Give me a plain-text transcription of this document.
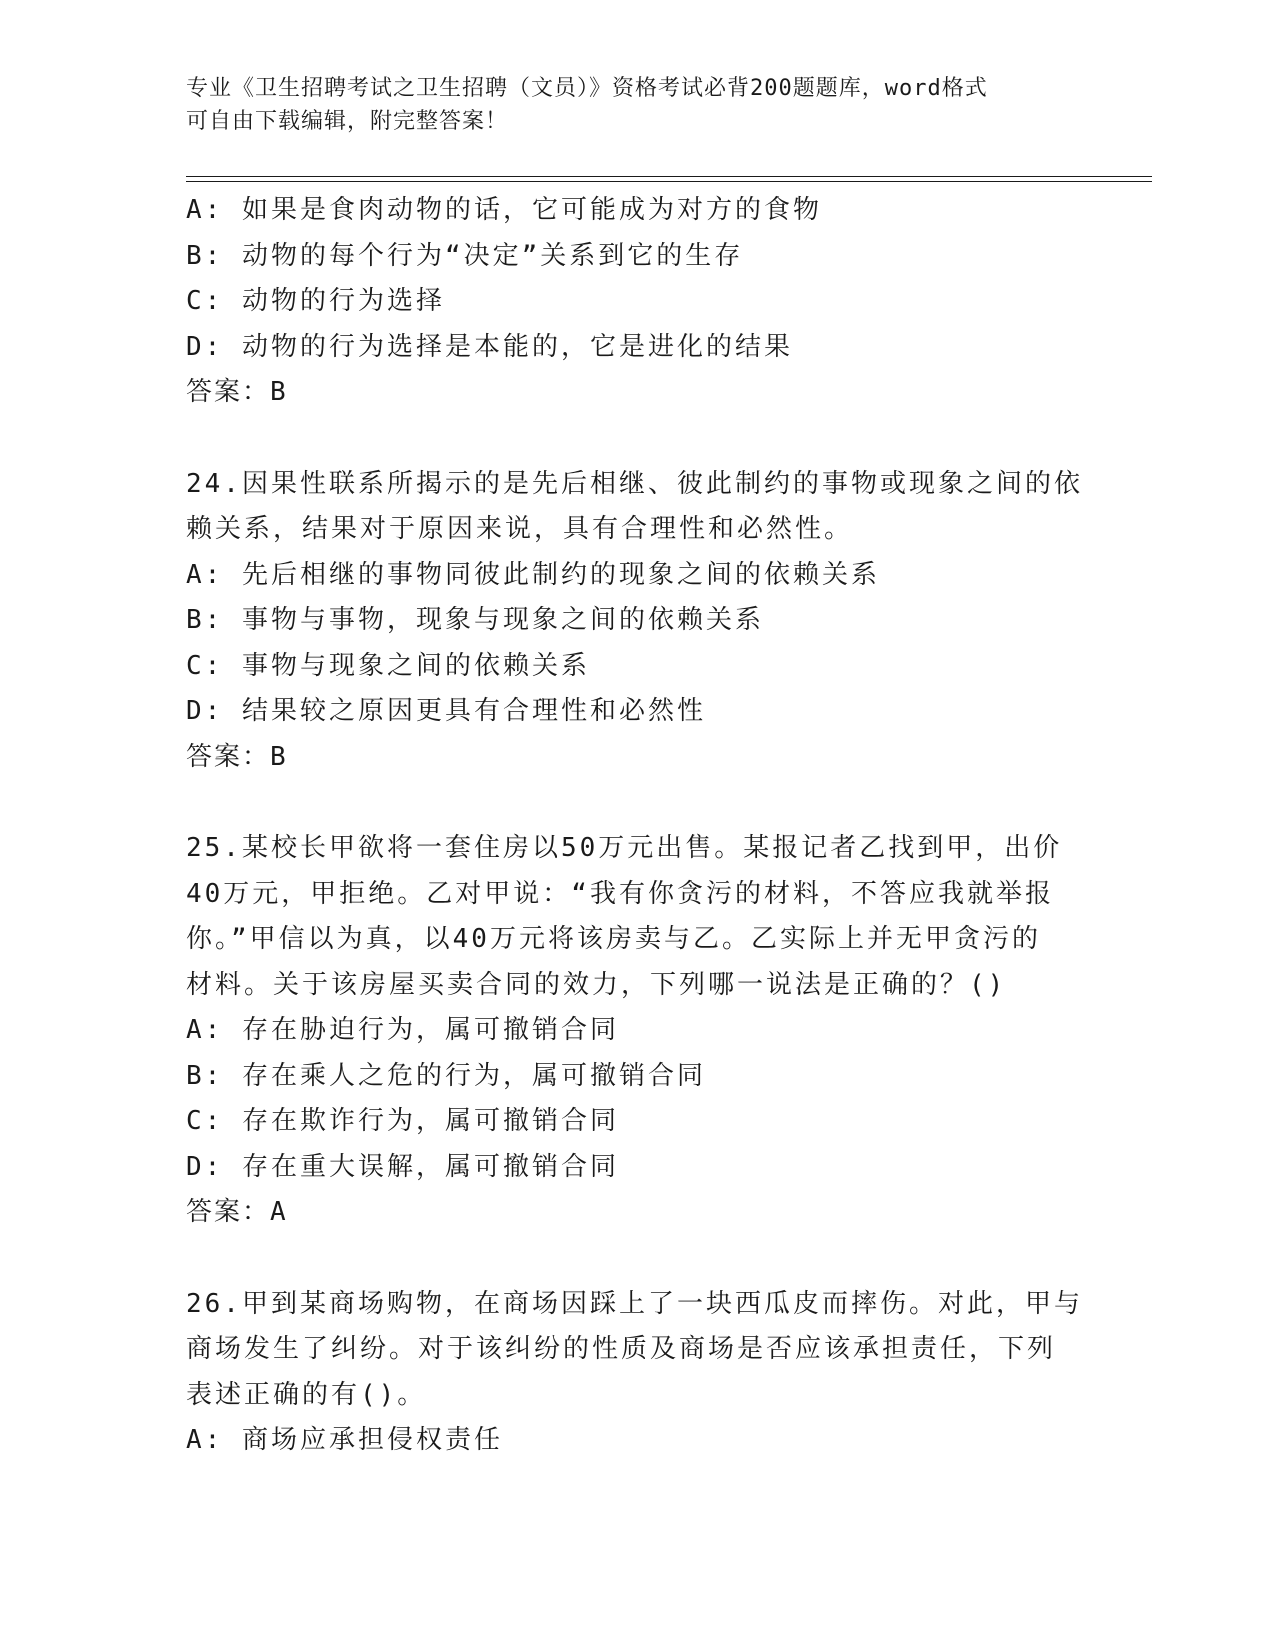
专业《卫生招聘考试之卫生招聘（文员）》资格考试必背200题题库，word格式
可自由下载编辑，附完整答案！
A: 如果是食肉动物的话，它可能成为对方的食物
B: 动物的每个行为“决定”关系到它的生存
C: 动物的行为选择
D: 动物的行为选择是本能的，它是进化的结果
答案：B
24.因果性联系所揭示的是先后相继、彼此制约的事物或现象之间的依
赖关系，结果对于原因来说，具有合理性和必然性。
A: 先后相继的事物同彼此制约的现象之间的依赖关系
B: 事物与事物，现象与现象之间的依赖关系
C: 事物与现象之间的依赖关系
D: 结果较之原因更具有合理性和必然性
答案：B
25.某校长甲欲将一套住房以50万元出售。某报记者乙找到甲，出价
40万元，甲拒绝。乙对甲说：“我有你贪污的材料，不答应我就举报
你。”甲信以为真，以40万元将该房卖与乙。乙实际上并无甲贪污的
材料。关于该房屋买卖合同的效力，下列哪一说法是正确的？()
A: 存在胁迫行为，属可撤销合同
B: 存在乘人之危的行为，属可撤销合同
C: 存在欺诈行为，属可撤销合同
D: 存在重大误解，属可撤销合同
答案：A
26.甲到某商场购物，在商场因踩上了一块西瓜皮而摔伤。对此，甲与
商场发生了纠纷。对于该纠纷的性质及商场是否应该承担责任，下列
表述正确的有()。
A: 商场应承担侵权责任
